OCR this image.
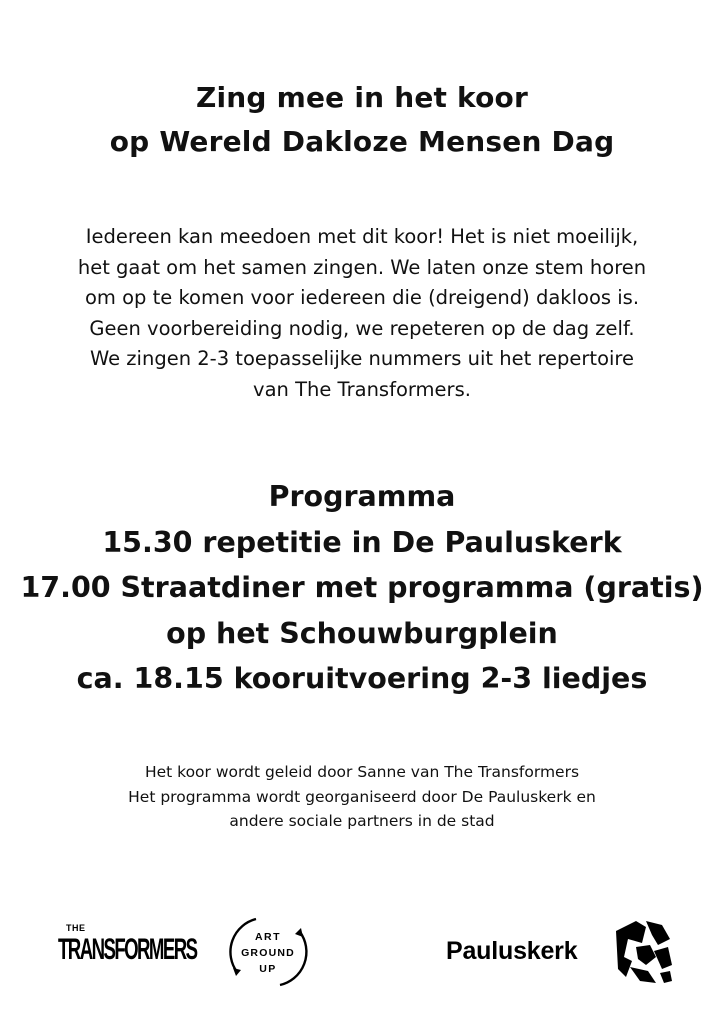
Zing mee in het koor
op Wereld Dakloze Mensen Dag
Iedereen kan meedoen met dit koor! Het is niet moeilijk,
het gaat om het samen zingen. We laten onze stem horen
om op te komen voor iedereen die (dreigend) dakloos is.
Geen voorbereiding nodig, we repeteren op de dag zelf.
We zingen 2-3 toepasselijke nummers uit het repertoire
van The Transformers.
Programma
15.30 repetitie in De Pauluskerk
17.00 Straatdiner met programma (gratis)
op het Schouwburgplein
ca. 18.15 kooruitvoering 2-3 liedjes
Het koor wordt geleid door Sanne van The Transformers
Het programma wordt georganiseerd door De Pauluskerk en
andere sociale partners in de stad
THE
TRANSFORMERS	ART
GROUND
UP
Pauluskerk
